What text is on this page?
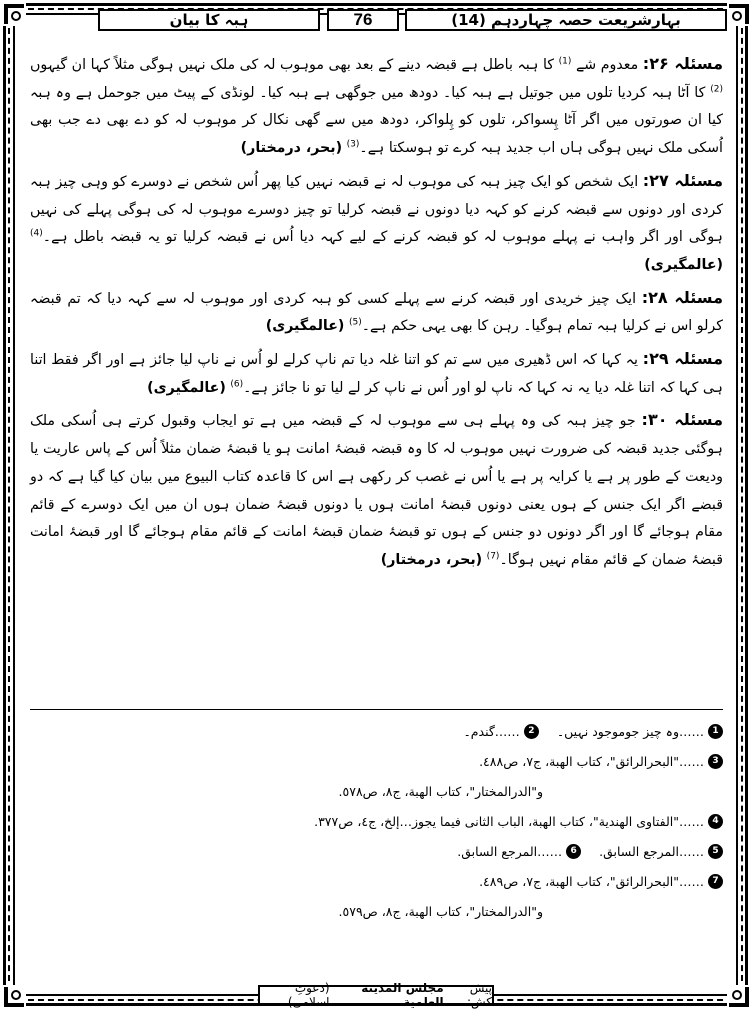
بہارِشریعت حصہ چہاردہم (14)
76
ہبہ کا بیان

مسئلہ ۲۶: معدوم شے $^{(1)}$ کا ہبہ باطل ہے قبضہ دینے کے بعد بھی موہوب لہ کی ملک نہیں ہوگی مثلاً کہا ان گیہوں $^{(2)}$ کا آٹا ہبہ کردیا تلوں میں جوتیل ہے ہبہ کیا۔ دودھ میں جوگھی ہے ہبہ کیا۔ لونڈی کے پیٹ میں جوحمل ہے وہ ہبہ کیا ان صورتوں میں اگر آٹا پِسواکر، تلوں کو پِلواکر، دودھ میں سے گھی نکال کر موہوب لہ کو دے بھی دے جب بھی اُسکی ملک نہیں ہوگی ہاں اب جدید ہبہ کرے تو ہوسکتا ہے۔$^{(3)}$ (بحر، درمختار)

مسئلہ ۲۷: ایک شخص کو ایک چیز ہبہ کی موہوب لہ نے قبضہ نہیں کیا پھر اُس شخص نے دوسرے کو وہی چیز ہبہ کردی اور دونوں سے قبضہ کرنے کو کہہ دیا دونوں نے قبضہ کرلیا تو چیز دوسرے موہوب لہ کی ہوگی پہلے کی نہیں ہوگی اور اگر واہب نے پہلے موہوب لہ کو قبضہ کرنے کے لیے کہہ دیا اُس نے قبضہ کرلیا تو یہ قبضہ باطل ہے۔$^{(4)}$ (عالمگیری)

مسئلہ ۲۸: ایک چیز خریدی اور قبضہ کرنے سے پہلے کسی کو ہبہ کردی اور موہوب لہ سے کہہ دیا کہ تم قبضہ کرلو اس نے کرلیا ہبہ تمام ہوگیا۔ رہن کا بھی یہی حکم ہے۔$^{(5)}$ (عالمگیری)

مسئلہ ۲۹: یہ کہا کہ اس ڈھیری میں سے تم کو اتنا غلہ دیا تم ناپ کرلے لو اُس نے ناپ لیا جائز ہے اور اگر فقط اتنا ہی کہا کہ اتنا غلہ دیا یہ نہ کہا کہ ناپ لو اور اُس نے ناپ کر لے لیا تو نا جائز ہے۔$^{(6)}$ (عالمگیری)

مسئلہ ۳۰: جو چیز ہبہ کی وہ پہلے ہی سے موہوب لہ کے قبضہ میں ہے تو ایجاب وقبول کرتے ہی اُسکی ملک ہوگئی جدید قبضہ کی ضرورت نہیں موہوب لہ کا وہ قبضہ قبضۂ امانت ہو یا قبضۂ ضمان مثلاً اُس کے پاس عاریت یا ودیعت کے طور پر ہے یا کرایہ پر ہے یا اُس نے غصب کر رکھی ہے اس کا قاعدہ کتاب البیوع میں بیان کیا گیا ہے کہ دو قبضے اگر ایک جنس کے ہوں یعنی دونوں قبضۂ امانت ہوں یا دونوں قبضۂ ضمان ہوں ان میں ایک دوسرے کے قائم مقام ہوجائے گا اور اگر دونوں دو جنس کے ہوں تو قبضۂ ضمان قبضۂ امانت کے قائم مقام ہوجائے گا اور قبضۂ امانت قبضۂ ضمان کے قائم مقام نہیں ہوگا۔$^{(7)}$ (بحر، درمختار)

1
……وہ چیز جوموجود نہیں۔
2
……گندم۔
3
……"البحرالرائق"، کتاب الھبة، ج٧، ص٤٨٨.
و"الدرالمختار"، کتاب الھبة، ج٨، ص٥٧٨.
4
……"الفتاوی الھندیة"، کتاب الھبة، الباب الثانی فیما یجوز…إلخ، ج٤، ص٣٧٧.
5
……المرجع السابق.
6
……المرجع السابق.
7
……"البحرالرائق"، کتاب الھبة، ج٧، ص٤٨٩.
و"الدرالمختار"، کتاب الھبة، ج٨، ص٥٧٩.
پیش کش:
مجلس المدینة العلمیة
(دعوتِ اسلامی)
